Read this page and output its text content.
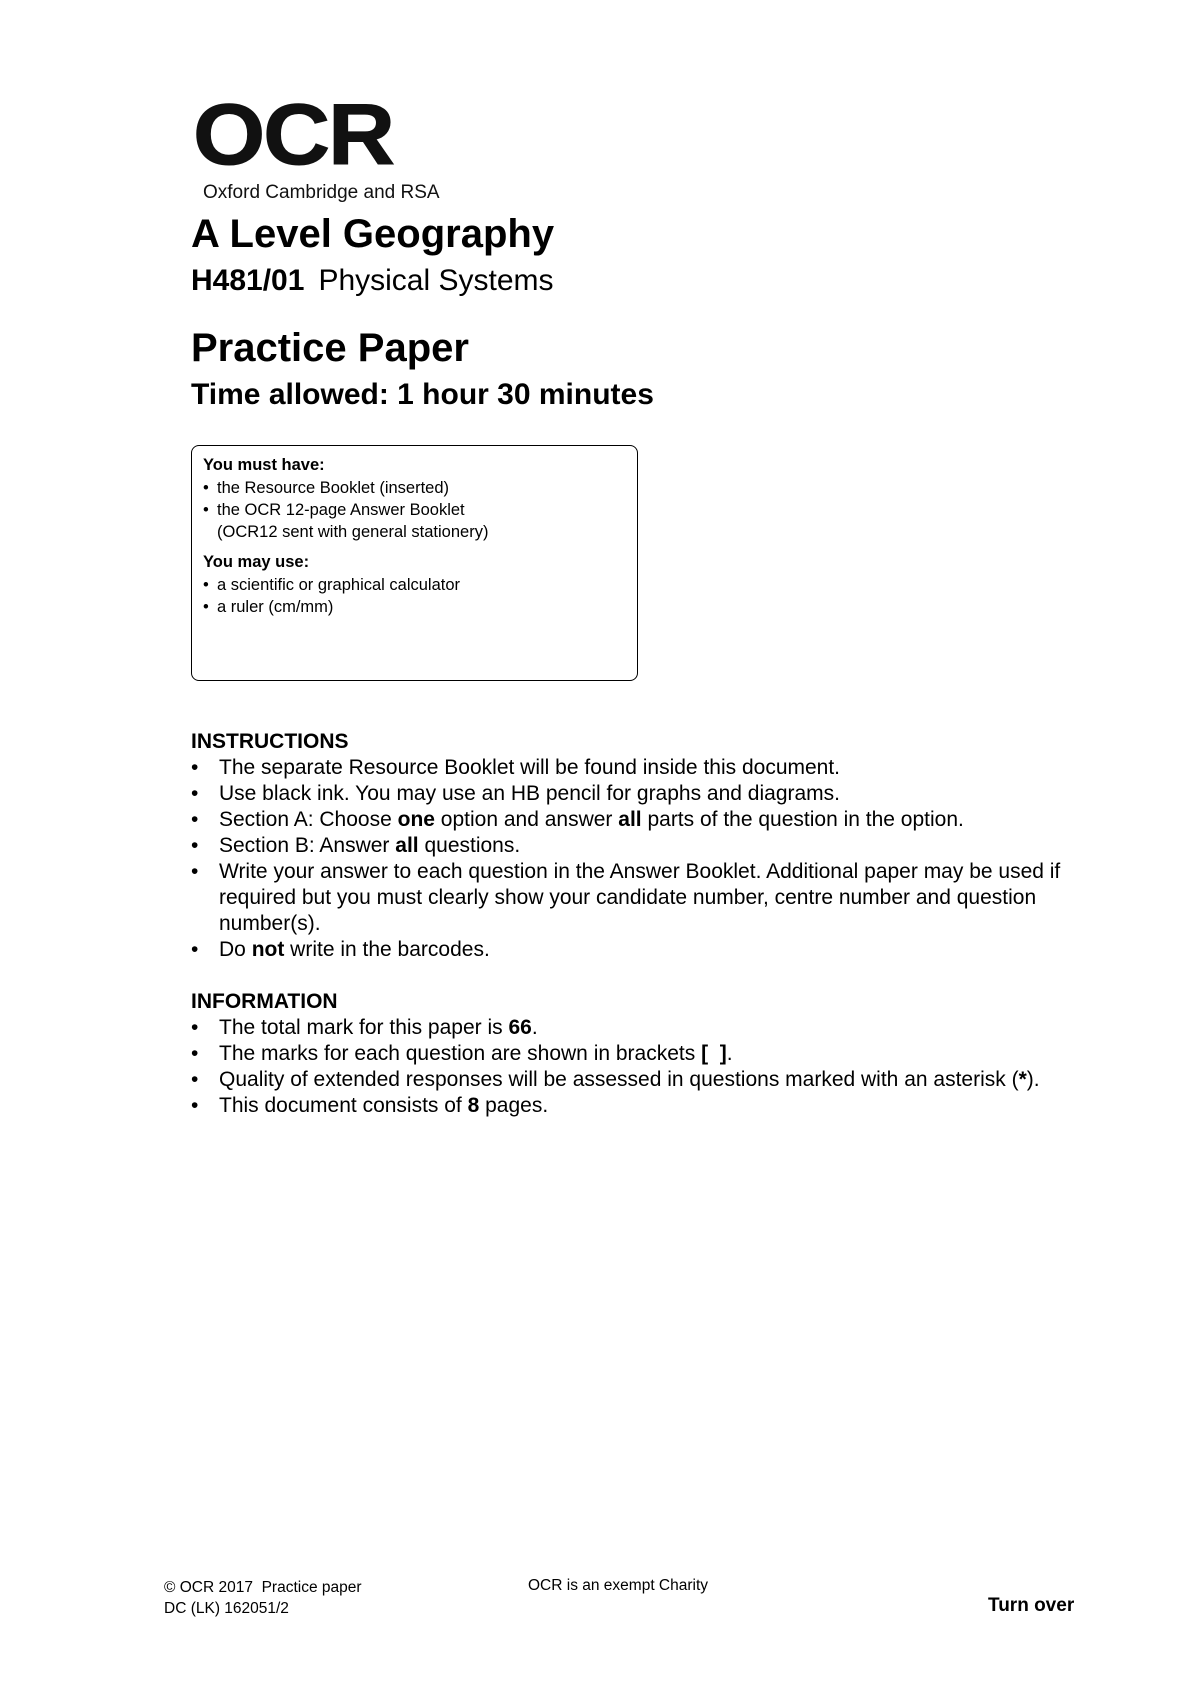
OCR
Oxford Cambridge and RSA
A Level Geography
H481/01 Physical Systems
Practice Paper
Time allowed: 1 hour 30 minutes
You must have:
• the Resource Booklet (inserted)
• the OCR 12-page Answer Booklet
(OCR12 sent with general stationery)
You may use:
• a scientific or graphical calculator
• a ruler (cm/mm)
INSTRUCTIONS
• The separate Resource Booklet will be found inside this document.
• Use black ink. You may use an HB pencil for graphs and diagrams.
• Section A: Choose one option and answer all parts of the question in the option.
• Section B: Answer all questions.
• Write your answer to each question in the Answer Booklet. Additional paper may be used if required but you must clearly show your candidate number, centre number and question number(s).
• Do not write in the barcodes.
INFORMATION
• The total mark for this paper is 66.
• The marks for each question are shown in brackets [  ].
• Quality of extended responses will be assessed in questions marked with an asterisk (*).
• This document consists of 8 pages.
© OCR 2017  Practice paper
DC (LK) 162051/2
OCR is an exempt Charity
Turn over
